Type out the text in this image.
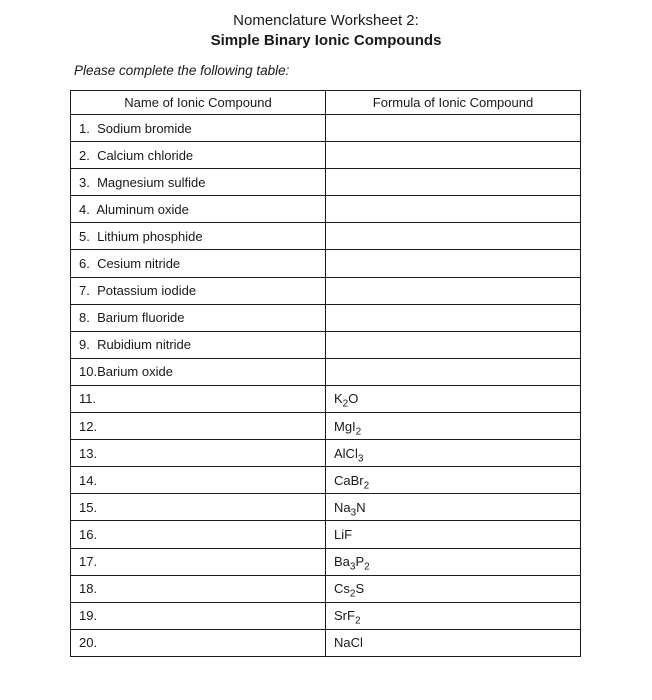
Nomenclature Worksheet 2:
Simple Binary Ionic Compounds
Please complete the following table:
Name of Ionic Compound	Formula of Ionic Compound
1.  Sodium bromide	
2.  Calcium chloride	
3.  Magnesium sulfide	
4.  Aluminum oxide	
5.  Lithium phosphide	
6.  Cesium nitride	
7.  Potassium iodide	
8.  Barium fluoride	
9.  Rubidium nitride	
10.Barium oxide	
11.	$K_2O$
12.	MgI$_2$
13.	AlCl$_3$
14.	CaBr$_2$
15.	$Na_3N$
16.	LiF
17.	$Ba_3P_2$
18.	$Cs_2S$
19.	SrF$_2$
20.	NaCl
